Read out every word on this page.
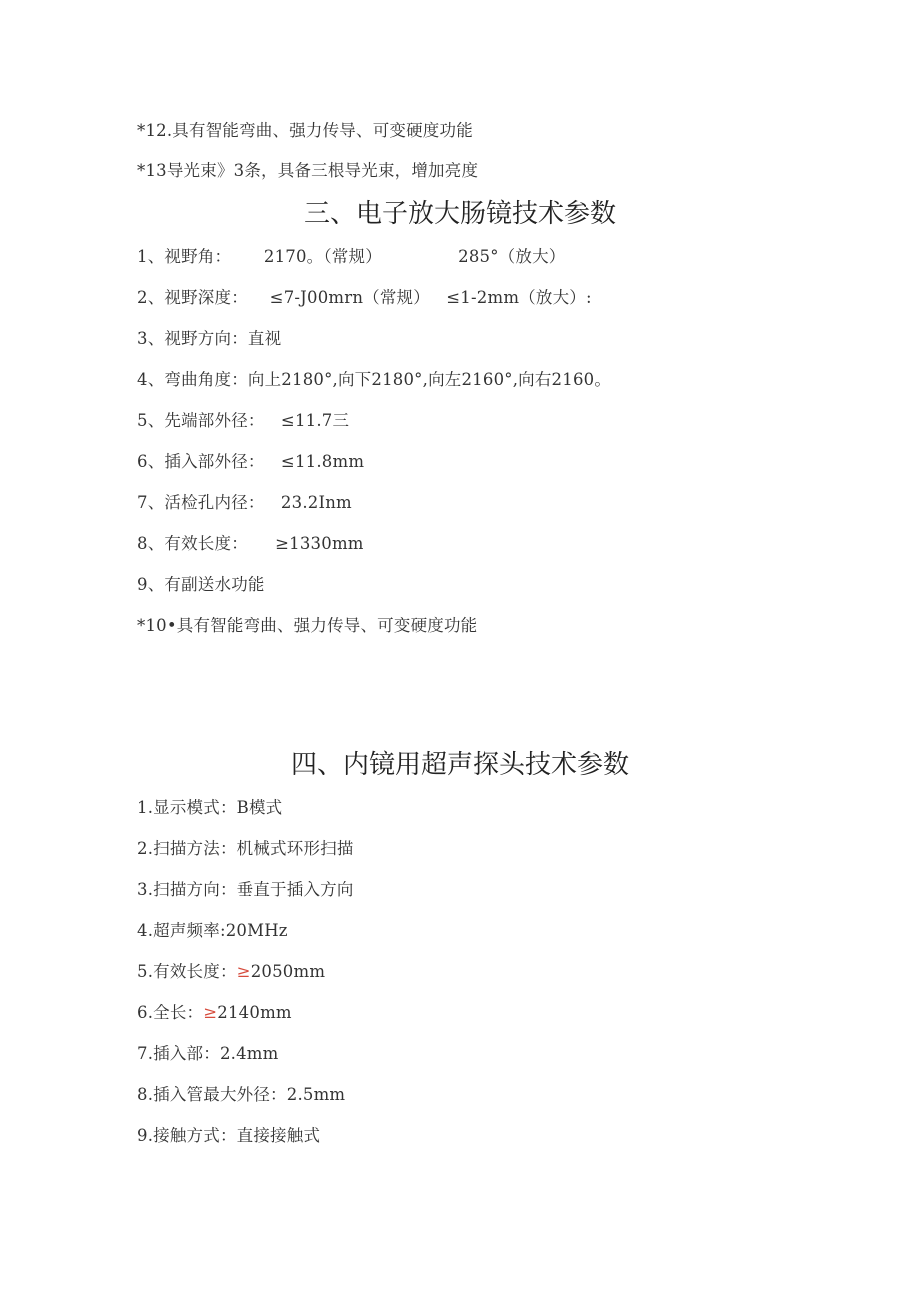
*12.具有智能弯曲、强力传导、可变硬度功能
*13导光束》3条，具备三根导光束，增加亮度
三、电子放大肠镜技术参数
1、视野角：      2170。（常规）              285°（放大）
2、视野深度：    ≤7-J00mrn（常规）   ≤1-2mm（放大）:
3、视野方向：直视
4、弯曲角度：向上2180°,向下2180°,向左2160°,向右2160。
5、先端部外径：   ≤11.7三
6、插入部外径：   ≤11.8mm
7、活检孔内径：   23.2Inm
8、有效长度：     ≥1330mm
9、有副送水功能
*10•具有智能弯曲、强力传导、可变硬度功能
四、内镜用超声探头技术参数
1.显示模式：B模式
2.扫描方法：机械式环形扫描
3.扫描方向：垂直于插入方向
4.超声频率:20MHz
5.有效长度：≥2050mm
6.全长：≥2140mm
7.插入部：2.4mm
8.插入管最大外径：2.5mm
9.接触方式：直接接触式
